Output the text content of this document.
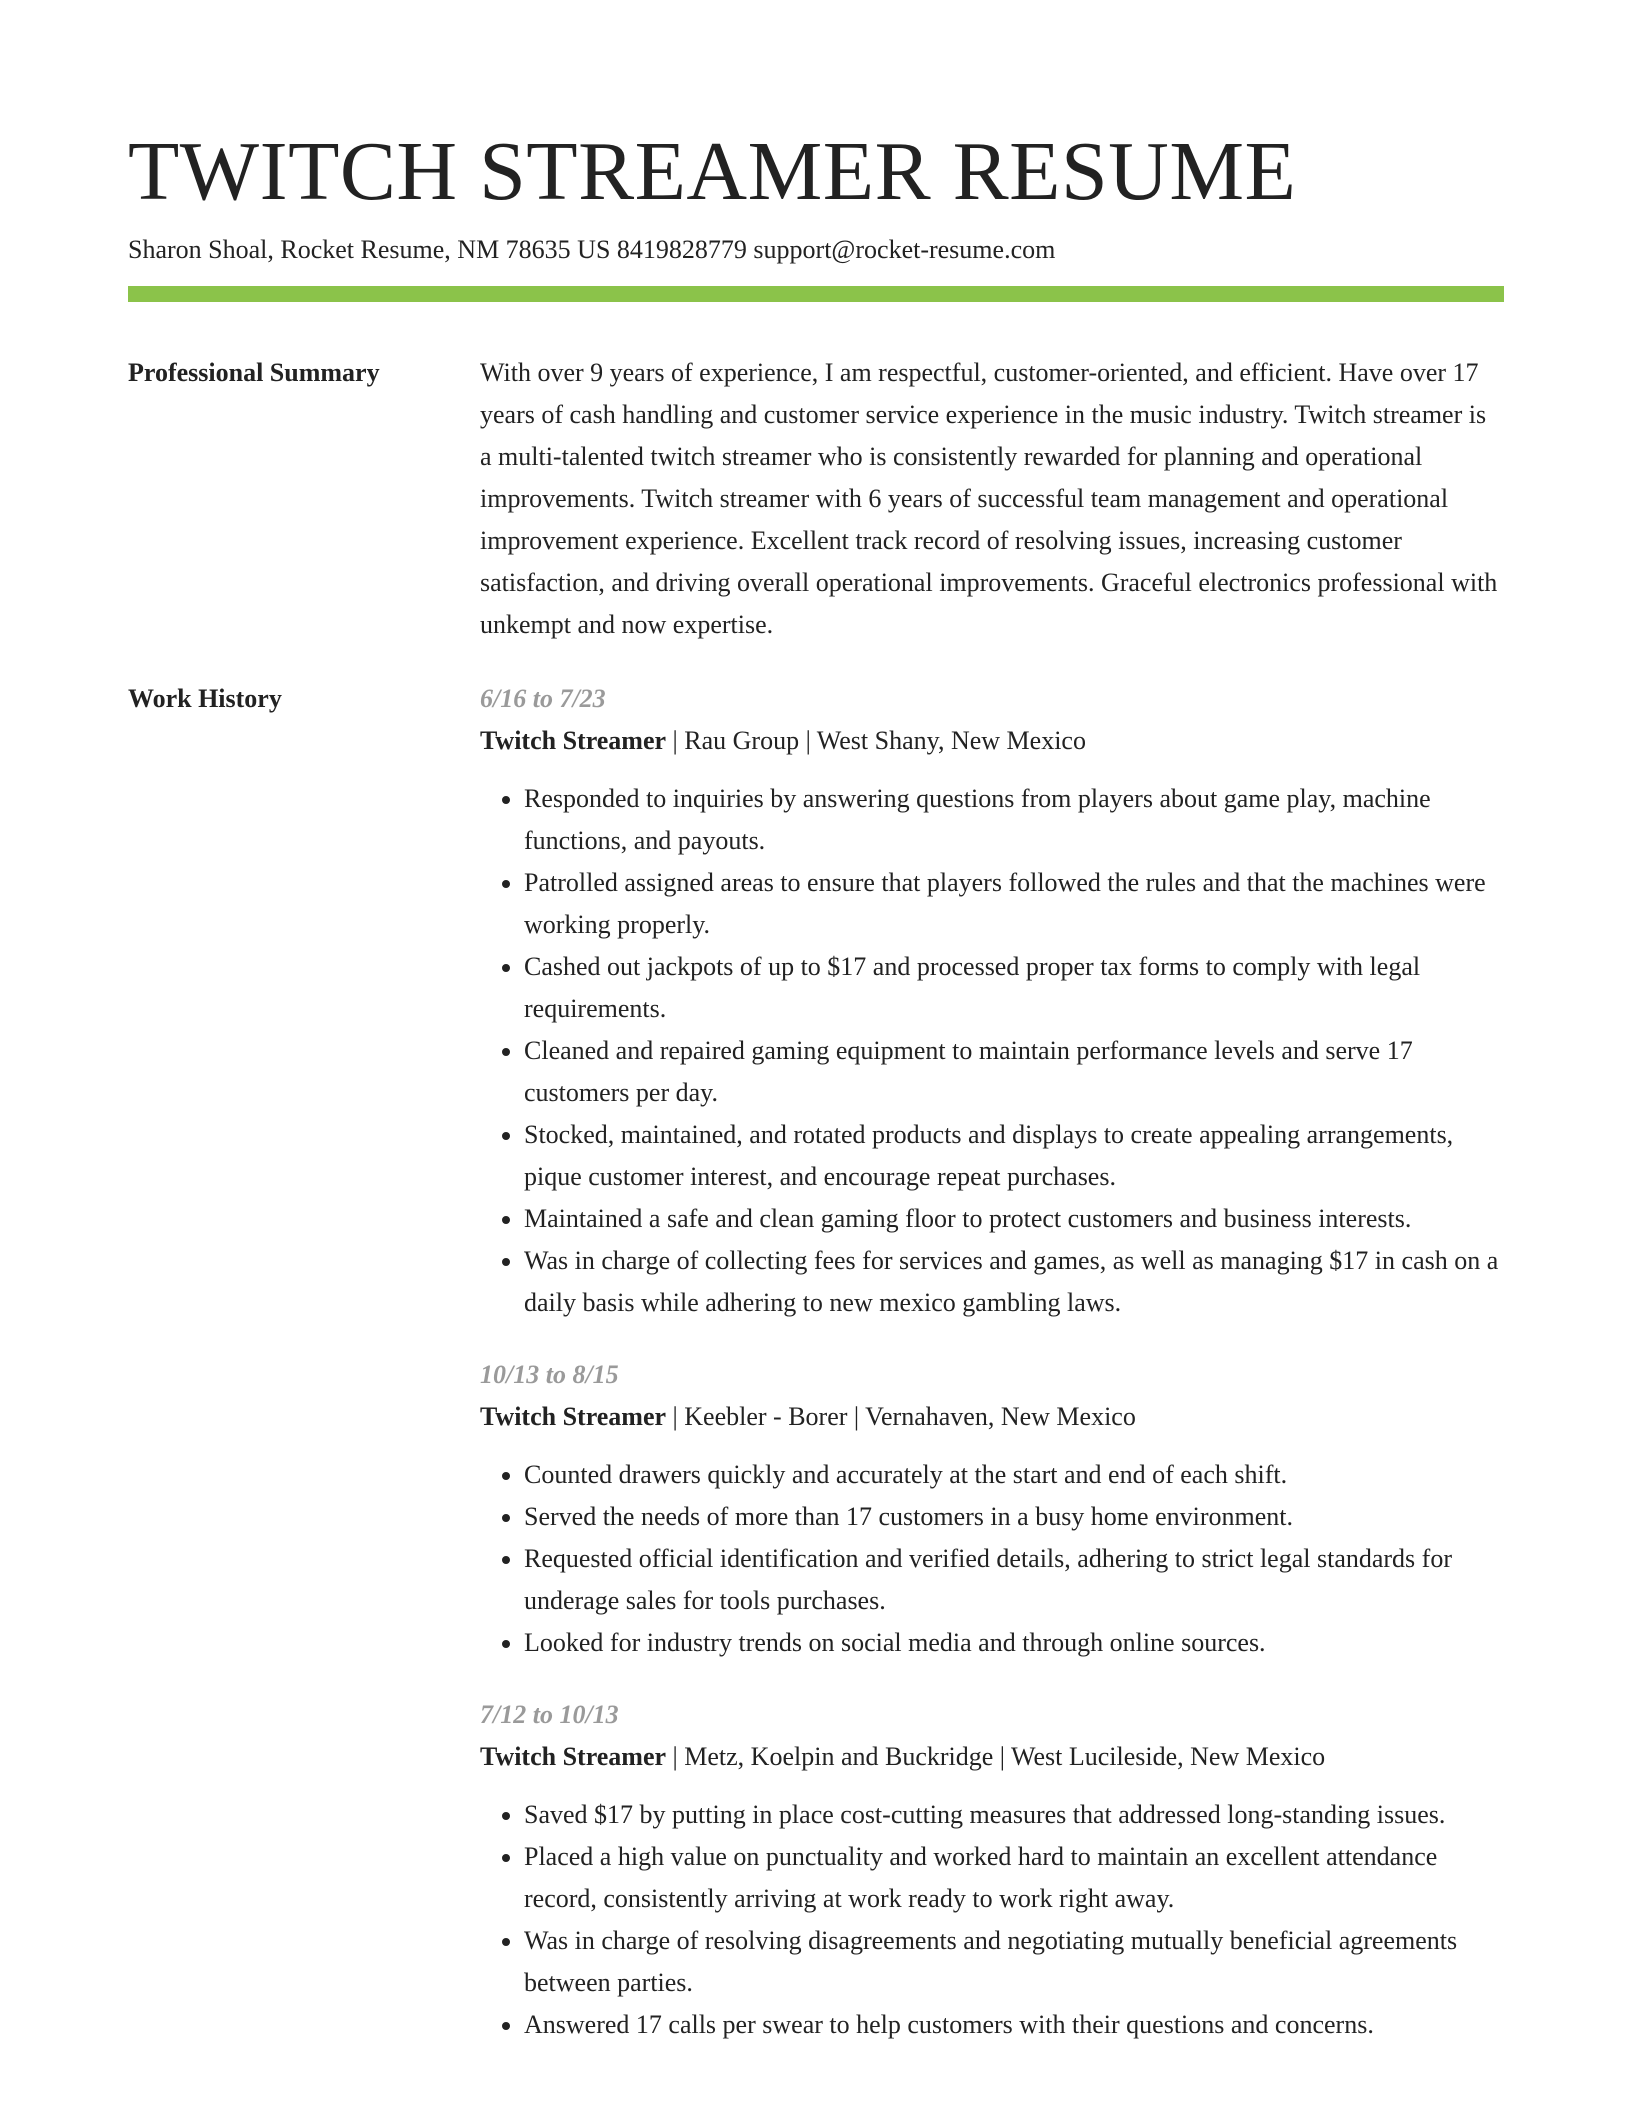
TWITCH STREAMER RESUME
Sharon Shoal, Rocket Resume, NM 78635 US 8419828779 support@rocket-resume.com
Professional Summary	With over 9 years of experience, I am respectful, customer-oriented, and efficient. Have over 17 years of cash handling and customer service experience in the music industry. Twitch streamer is a multi-talented twitch streamer who is consistently rewarded for planning and operational improvements. Twitch streamer with 6 years of successful team management and operational improvement experience. Excellent track record of resolving issues, increasing customer satisfaction, and driving overall operational improvements. Graceful electronics professional with unkempt and now expertise.

Work History	6/16 to 7/23
Twitch Streamer | Rau Group | West Shany, New Mexico
• Responded to inquiries by answering questions from players about game play, machine functions, and payouts.
• Patrolled assigned areas to ensure that players followed the rules and that the machines were working properly.
• Cashed out jackpots of up to $17 and processed proper tax forms to comply with legal requirements.
• Cleaned and repaired gaming equipment to maintain performance levels and serve 17 customers per day.
• Stocked, maintained, and rotated products and displays to create appealing arrangements, pique customer interest, and encourage repeat purchases.
• Maintained a safe and clean gaming floor to protect customers and business interests.
• Was in charge of collecting fees for services and games, as well as managing $17 in cash on a daily basis while adhering to new mexico gambling laws.
10/13 to 8/15
Twitch Streamer | Keebler - Borer | Vernahaven, New Mexico
• Counted drawers quickly and accurately at the start and end of each shift.
• Served the needs of more than 17 customers in a busy home environment.
• Requested official identification and verified details, adhering to strict legal standards for underage sales for tools purchases.
• Looked for industry trends on social media and through online sources.
7/12 to 10/13
Twitch Streamer | Metz, Koelpin and Buckridge | West Lucileside, New Mexico
• Saved $17 by putting in place cost-cutting measures that addressed long-standing issues.
• Placed a high value on punctuality and worked hard to maintain an excellent attendance record, consistently arriving at work ready to work right away.
• Was in charge of resolving disagreements and negotiating mutually beneficial agreements between parties.
• Answered 17 calls per swear to help customers with their questions and concerns.
